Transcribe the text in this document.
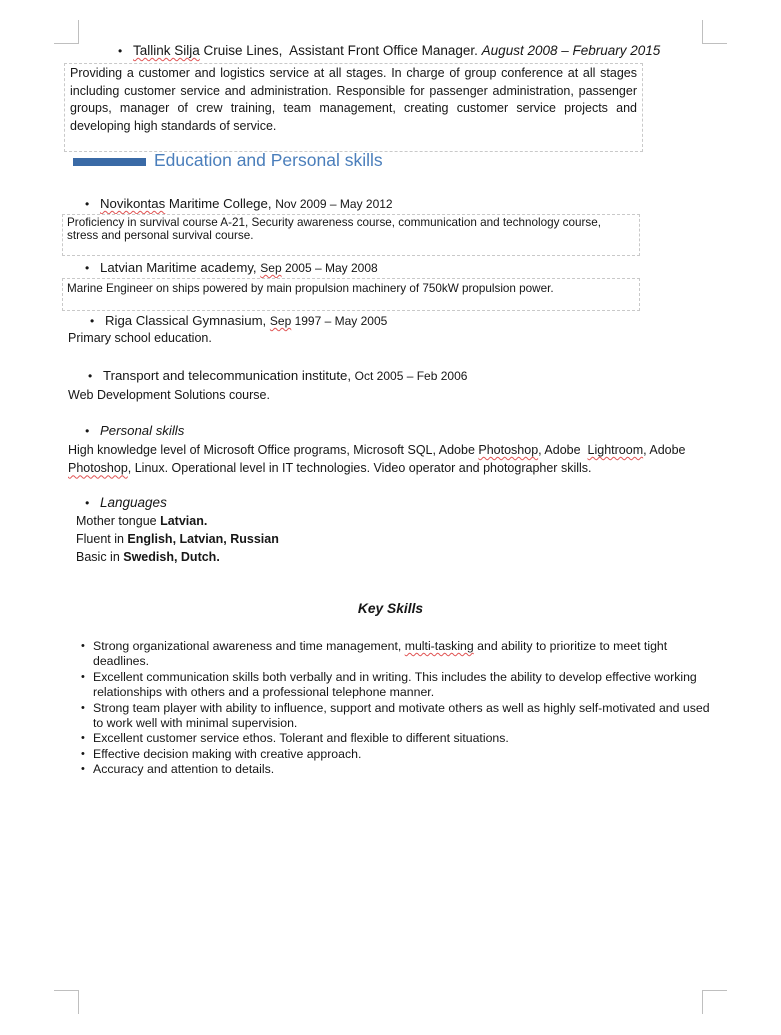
•Tallink Silja Cruise Lines,  Assistant Front Office Manager. August 2008 – February 2015
Providing a customer and logistics service at all stages. In charge of group conference at all stages including customer service and administration. Responsible for passenger administration, passenger groups, manager of crew training, team management, creating customer service projects and developing high standards of service.
Education and Personal skills
•Novikontas Maritime College, Nov 2009 – May 2012
Proficiency in survival course A-21, Security awareness course, communication and technology course, stress and personal survival course.
•Latvian Maritime academy, Sep 2005 – May 2008
Marine Engineer on ships powered by main propulsion machinery of 750kW propulsion power.
•Riga Classical Gymnasium, Sep 1997 – May 2005
Primary school education.
•Transport and telecommunication institute, Oct 2005 – Feb 2006
Web Development Solutions course.
•Personal skills
High knowledge level of Microsoft Office programs, Microsoft SQL, Adobe Photoshop, Adobe  Lightroom, Adobe Photoshop, Linux. Operational level in IT technologies. Video operator and photographer skills.
•Languages
Mother tongue Latvian.
Fluent in English, Latvian, Russian
Basic in Swedish, Dutch.
Key Skills
• Strong organizational awareness and time management, multi-tasking and ability to prioritize to meet tight deadlines.
• Excellent communication skills both verbally and in writing. This includes the ability to develop effective working relationships with others and a professional telephone manner.
• Strong team player with ability to influence, support and motivate others as well as highly self-motivated and used to work well with minimal supervision.
• Excellent customer service ethos. Tolerant and flexible to different situations.
• Effective decision making with creative approach.
• Accuracy and attention to details.
